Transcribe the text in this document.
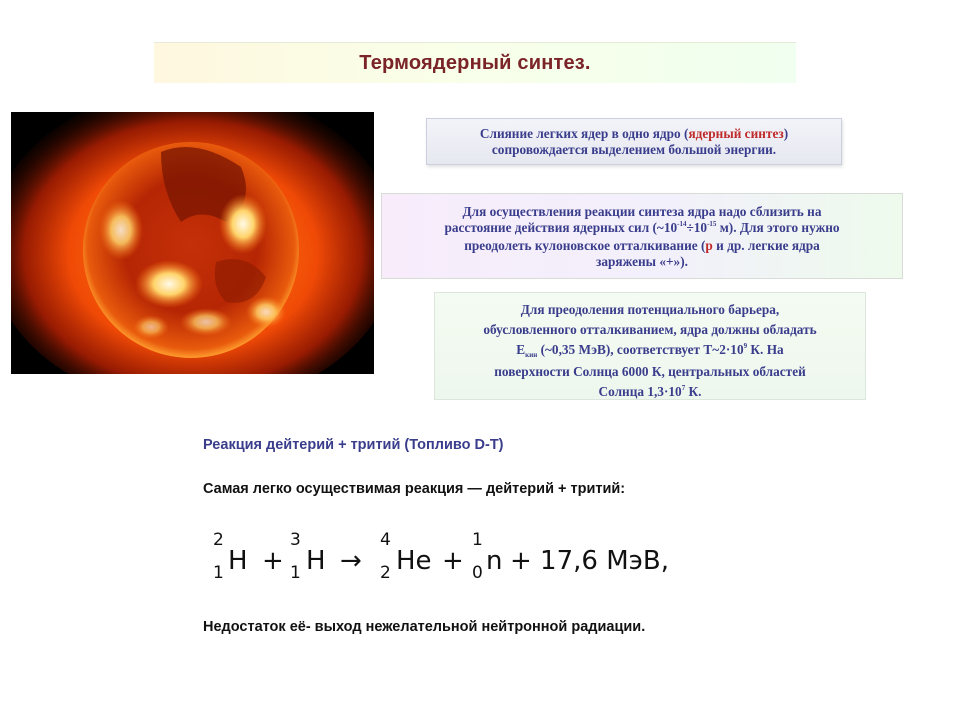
Термоядерный синтез.
Слияние легких ядер в одно ядро (ядерный синтез)
сопровождается выделением большой энергии.
Для осуществления реакции синтеза ядра надо сблизить на
расстояние действия ядерных сил ($\sim 10^{-14}\div 10^{-15}$ м). Для этого нужно
преодолеть кулоновское отталкивание (p и др. легкие ядра
заряжены «+»).
Для преодоления потенциального барьера,
обусловленного отталкиванием, ядра должны обладать
$E_{кин}$ (~0,35 МэВ), соответствует $Т\sim 2\cdot 10^9$ К. На
поверхности Солнца 6000 К, центральных областей
Солнца $1,3\cdot 10^7$ К.
Реакция дейтерий + тритий (Топливо D-T)
Самая легко осуществимая реакция — дейтерий + тритий:
2
1 H +
3
1 H →
4
2 He +
1
0 n + 17,6 МэВ,
Недостаток её- выход нежелательной нейтронной радиации.
